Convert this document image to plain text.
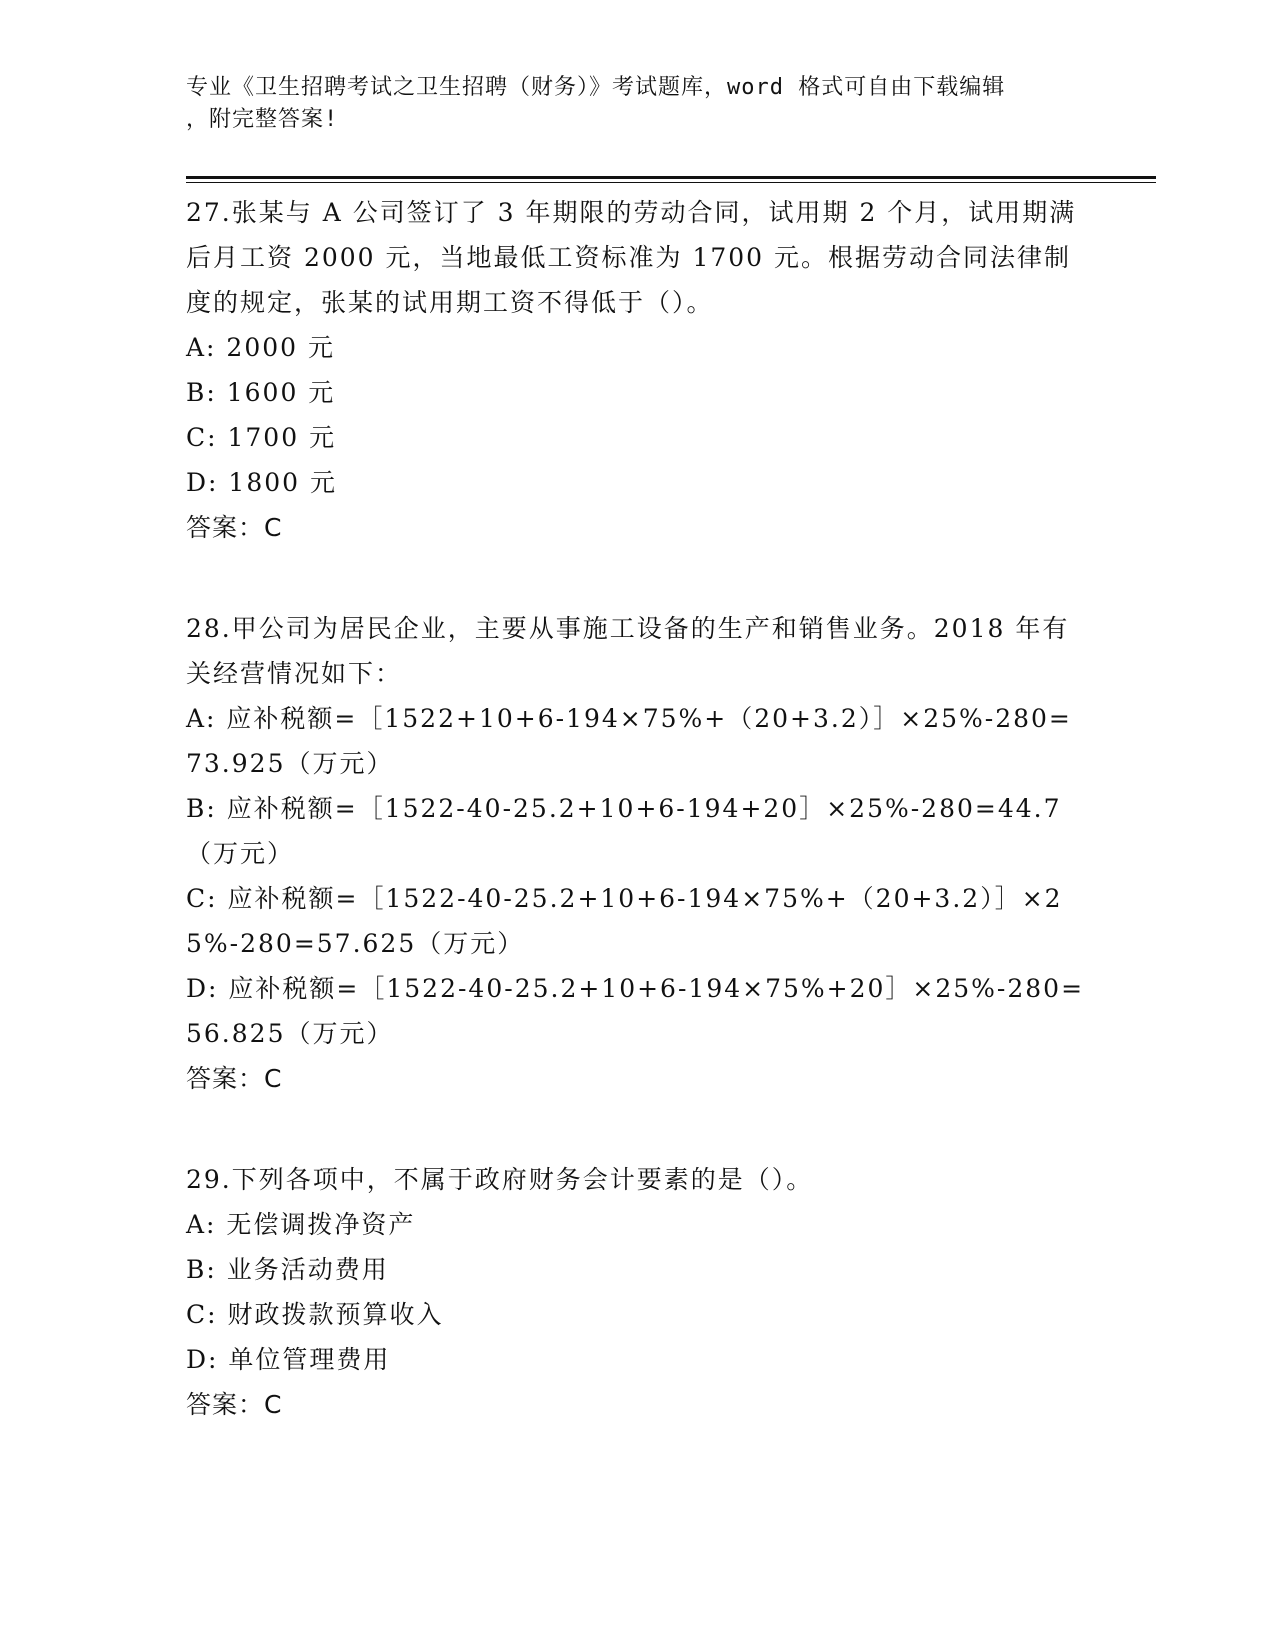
专业《卫生招聘考试之卫生招聘（财务）》考试题库，word 格式可自由下载编辑
，附完整答案!
27.张某与 A 公司签订了 3 年期限的劳动合同，试用期 2 个月，试用期满后月工资 2000 元，当地最低工资标准为 1700 元。根据劳动合同法律制度的规定，张某的试用期工资不得低于（）。
A: 2000 元
B: 1600 元
C: 1700 元
D: 1800 元
答案：C
28.甲公司为居民企业，主要从事施工设备的生产和销售业务。2018 年有关经营情况如下：
A: 应补税额=［1522+10+6-194×75%+（20+3.2）］×25%-280=73.925（万元）
B: 应补税额=［1522-40-25.2+10+6-194+20］×25%-280=44.7（万元）
C: 应补税额=［1522-40-25.2+10+6-194×75%+（20+3.2）］×25%-280=57.625（万元）
D: 应补税额=［1522-40-25.2+10+6-194×75%+20］×25%-280=56.825（万元）
答案：C
29.下列各项中，不属于政府财务会计要素的是（）。
A: 无偿调拨净资产
B: 业务活动费用
C: 财政拨款预算收入
D: 单位管理费用
答案：C
